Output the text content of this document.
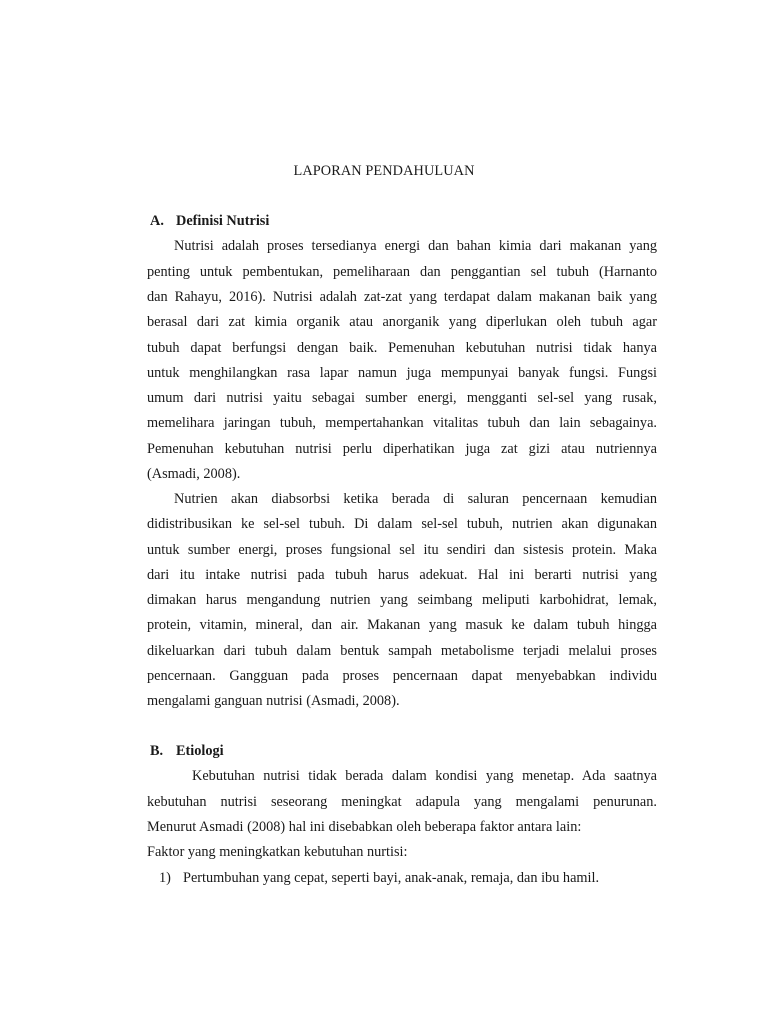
LAPORAN PENDAHULUAN
A. Definisi Nutrisi
Nutrisi adalah proses tersedianya energi dan bahan kimia dari makanan yang
penting untuk pembentukan, pemeliharaan dan penggantian sel tubuh (Harnanto
dan Rahayu, 2016). Nutrisi adalah zat-zat yang terdapat dalam makanan baik yang
berasal dari zat kimia organik atau anorganik yang diperlukan oleh tubuh agar
tubuh dapat berfungsi dengan baik. Pemenuhan kebutuhan nutrisi tidak hanya
untuk menghilangkan rasa lapar namun juga mempunyai banyak fungsi. Fungsi
umum dari nutrisi yaitu sebagai sumber energi, mengganti sel-sel yang rusak,
memelihara jaringan tubuh, mempertahankan vitalitas tubuh dan lain sebagainya.
Pemenuhan kebutuhan nutrisi perlu diperhatikan juga zat gizi atau nutriennya
(Asmadi, 2008).
Nutrien akan diabsorbsi ketika berada di saluran pencernaan kemudian
didistribusikan ke sel-sel tubuh. Di dalam sel-sel tubuh, nutrien akan digunakan
untuk sumber energi, proses fungsional sel itu sendiri dan sistesis protein. Maka
dari itu intake nutrisi pada tubuh harus adekuat. Hal ini berarti nutrisi yang
dimakan harus mengandung nutrien yang seimbang meliputi karbohidrat, lemak,
protein, vitamin, mineral, dan air. Makanan yang masuk ke dalam tubuh hingga
dikeluarkan dari tubuh dalam bentuk sampah metabolisme terjadi melalui proses
pencernaan. Gangguan pada proses pencernaan dapat menyebabkan individu
mengalami ganguan nutrisi (Asmadi, 2008).
B. Etiologi
Kebutuhan nutrisi tidak berada dalam kondisi yang menetap. Ada saatnya
kebutuhan nutrisi seseorang meningkat adapula yang mengalami penurunan.
Menurut Asmadi (2008) hal ini disebabkan oleh beberapa faktor antara lain:
Faktor yang meningkatkan kebutuhan nurtisi:
1) Pertumbuhan yang cepat, seperti bayi, anak-anak, remaja, dan ibu hamil.
